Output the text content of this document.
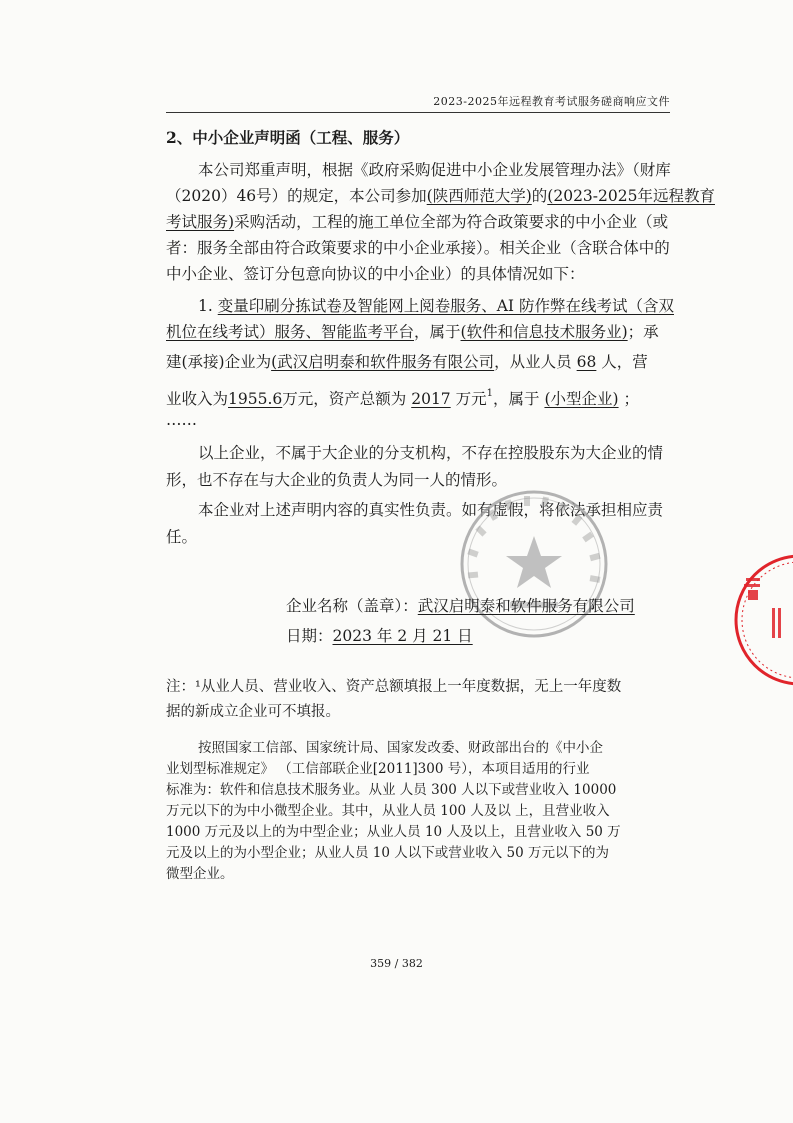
2023-2025年远程教育考试服务磋商响应文件
2、中小企业声明函（工程、服务）
本公司郑重声明，根据《政府采购促进中小企业发展管理办法》（财库
（2020）46号）的规定，本公司参加(陕西师范大学)的(2023-2025年远程教育
考试服务)采购活动，工程的施工单位全部为符合政策要求的中小企业（或
者：服务全部由符合政策要求的中小企业承接）。相关企业（含联合体中的
中小企业、签订分包意向协议的中小企业）的具体情况如下：
1. 变量印刷分拣试卷及智能网上阅卷服务、AI 防作弊在线考试（含双
机位在线考试）服务、智能监考平台，属于(软件和信息技术服务业)；承
建(承接)企业为(武汉启明泰和软件服务有限公司，从业人员 68 人，营
业收入为1955.6万元，资产总额为 2017 万元$^1$，属于 (小型企业) ；
……
以上企业，不属于大企业的分支机构，不存在控股股东为大企业的情
形，也不存在与大企业的负责人为同一人的情形。
本企业对上述声明内容的真实性负责。如有虚假，将依法承担相应责
任。
企业名称（盖章）：武汉启明泰和软件服务有限公司
日期：2023 年 2 月 21 日
注：¹从业人员、营业收入、资产总额填报上一年度数据，无上一年度数
据的新成立企业可不填报。
按照国家工信部、国家统计局、国家发改委、财政部出台的《中小企
业划型标准规定》 （工信部联企业[2011]300 号），本项目适用的行业
标准为：软件和信息技术服务业。从业 人员 300 人以下或营业收入 10000
万元以下的为中小微型企业。其中，从业人员 100 人及以 上，且营业收入
1000 万元及以上的为中型企业；从业人员 10 人及以上，且营业收入 50 万
元及以上的为小型企业；从业人员 10 人以下或营业收入 50 万元以下的为
微型企业。
359 / 382
